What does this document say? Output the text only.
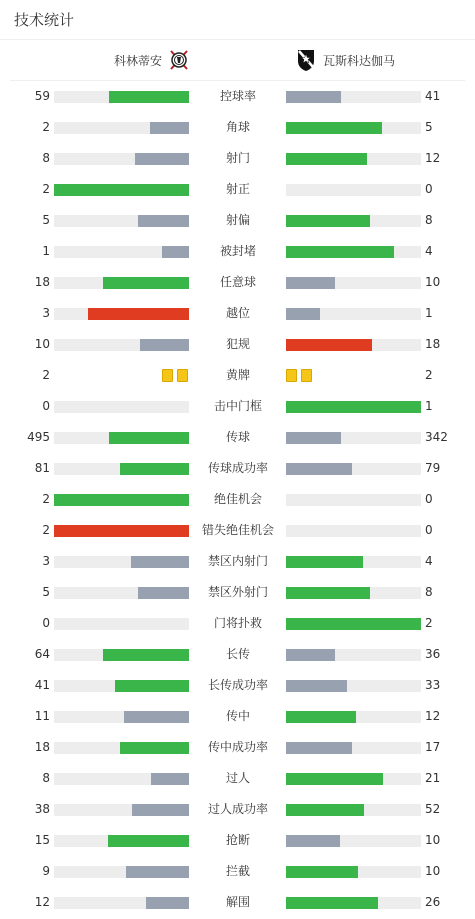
技术统计
科林蒂安	瓦斯科达伽马
59	控球率	41
2	角球	5
8	射门	12
2	射正	0
5	射偏	8
1	被封堵	4
18	任意球	10
3	越位	1
10	犯规	18
2	黄牌	2
0	击中门框	1
495	传球	342
81	传球成功率	79
2	绝佳机会	0
2	错失绝佳机会	0
3	禁区内射门	4
5	禁区外射门	8
0	门将扑救	2
64	长传	36
41	长传成功率	33
11	传中	12
18	传中成功率	17
8	过人	21
38	过人成功率	52
15	抢断	10
9	拦截	10
12	解围	26
